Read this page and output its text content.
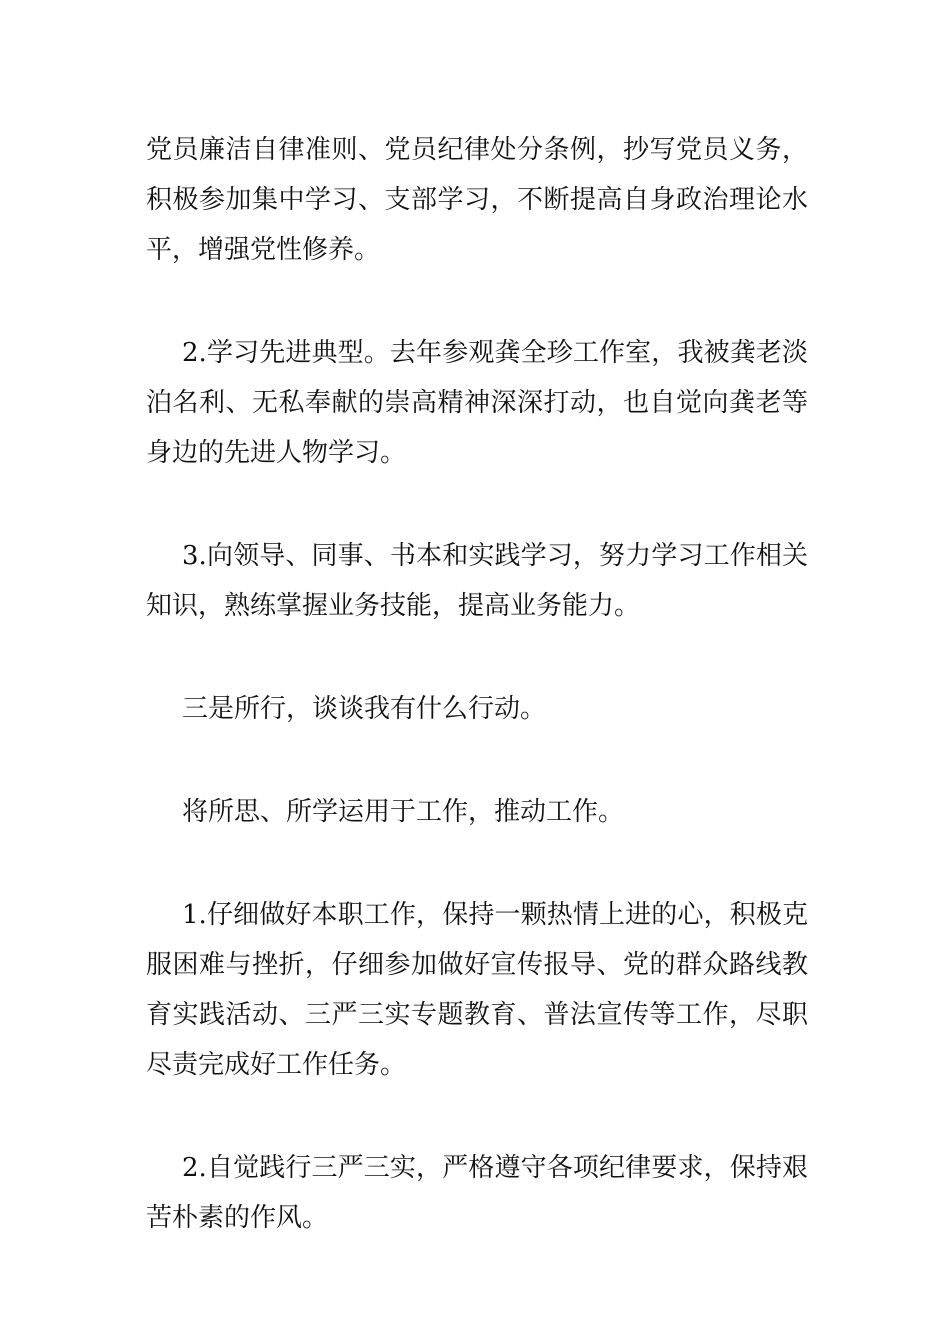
党员廉洁自律准则、党员纪律处分条例，抄写党员义务，积极参加集中学习、支部学习，不断提高自身政治理论水平，增强党性修养。

2.学习先进典型。去年参观龚全珍工作室，我被龚老淡泊名利、无私奉献的崇高精神深深打动，也自觉向龚老等身边的先进人物学习。

3.向领导、同事、书本和实践学习，努力学习工作相关知识，熟练掌握业务技能，提高业务能力。

三是所行，谈谈我有什么行动。

将所思、所学运用于工作，推动工作。

1.仔细做好本职工作，保持一颗热情上进的心，积极克服困难与挫折，仔细参加做好宣传报导、党的群众路线教育实践活动、三严三实专题教育、普法宣传等工作，尽职尽责完成好工作任务。

2.自觉践行三严三实，严格遵守各项纪律要求，保持艰苦朴素的作风。
